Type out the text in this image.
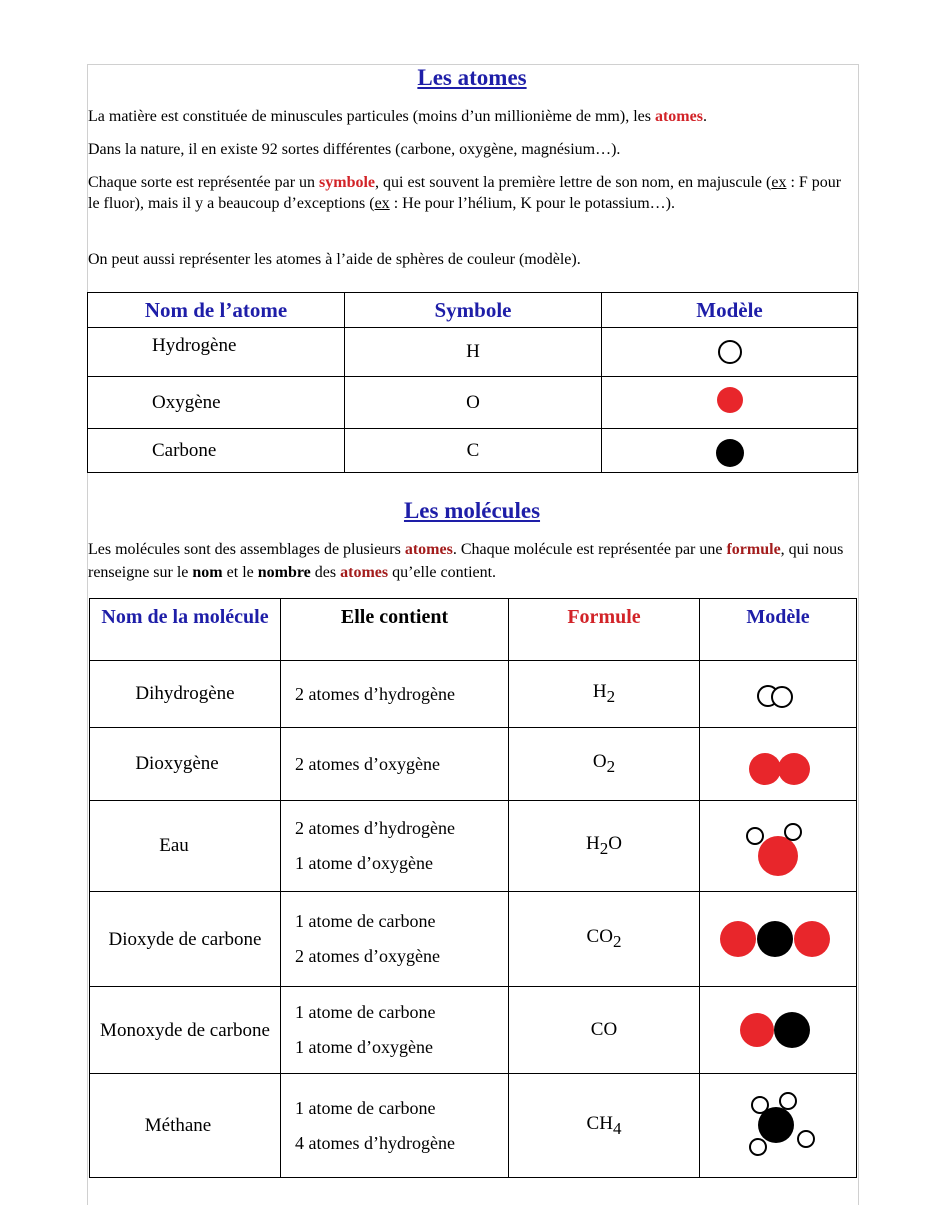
Les atomes

La matière est constituée de minuscules particules (moins d’un millionième de mm), les atomes.

Dans la nature, il en existe 92 sortes différentes (carbone, oxygène, magnésium…).

Chaque sorte est représentée par un symbole, qui est souvent la première lettre de son nom, en majuscule (ex : F pour le fluor), mais il y a beaucoup d’exceptions (ex : He pour l’hélium, K pour le potassium…).

On peut aussi représenter les atomes à l’aide de sphères de couleur (modèle).

Nom de l’atome	Symbole	Modèle
Hydrogène	H	

Oxygène	O	

Carbone	C	
Les molécules

Les molécules sont des assemblages de plusieurs atomes. Chaque molécule est représentée par une formule, qui nous renseigne sur le nom et le nombre des atomes qu’elle contient.

Nom de la molécule	Elle contient	Formule	Modèle
Dihydrogène	2 atomes d’hydrogène	$H_2$	

Dioxygène	2 atomes d’oxygène	$O_2$	

Eau	2 atomes d’hydrogène
1 atome d’oxygène	$H_2O$	

Dioxyde de carbone	1 atome de carbone
2 atomes d’oxygène	$CO_2$	

Monoxyde de carbone	1 atome de carbone
1 atome d’oxygène	CO	

Méthane	1 atome de carbone
4 atomes d’hydrogène	$CH_4$	
